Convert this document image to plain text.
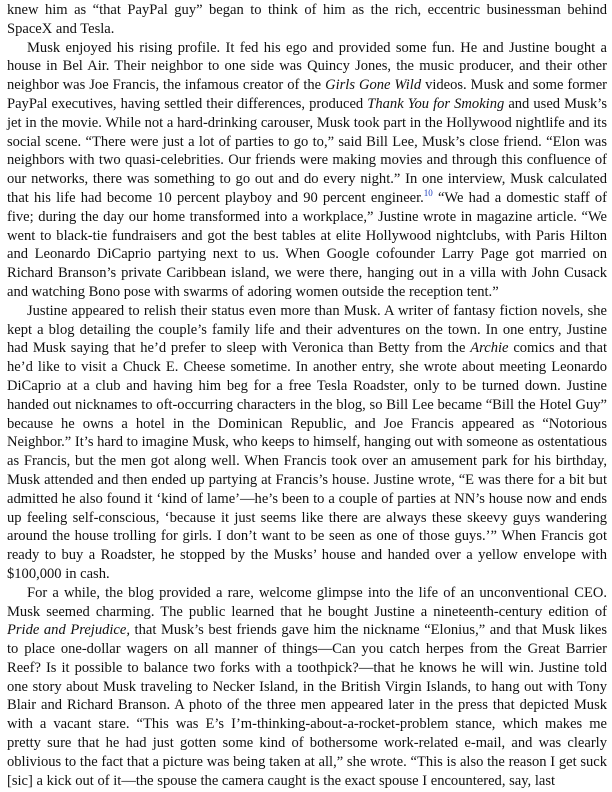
knew him as “that PayPal guy” began to think of him as the rich, eccentric businessman behind SpaceX and Tesla.

Musk enjoyed his rising profile. It fed his ego and provided some fun. He and Justine bought a house in Bel Air. Their neighbor to one side was Quincy Jones, the music producer, and their other neighbor was Joe Francis, the infamous creator of the Girls Gone Wild videos. Musk and some former PayPal executives, having settled their differences, produced Thank You for Smoking and used Musk’s jet in the movie. While not a hard-drinking carouser, Musk took part in the Hollywood nightlife and its social scene. “There were just a lot of parties to go to,” said Bill Lee, Musk’s close friend. “Elon was neighbors with two quasi-celebrities. Our friends were making movies and through this confluence of our networks, there was something to go out and do every night.” In one interview, Musk calculated that his life had become 10 percent playboy and 90 percent engineer.$^{10}$ “We had a domestic staff of five; during the day our home transformed into a workplace,” Justine wrote in magazine article. “We went to black-tie fundraisers and got the best tables at elite Hollywood nightclubs, with Paris Hilton and Leonardo DiCaprio partying next to us. When Google cofounder Larry Page got married on Richard Branson’s private Caribbean island, we were there, hanging out in a villa with John Cusack and watching Bono pose with swarms of adoring women outside the reception tent.”

Justine appeared to relish their status even more than Musk. A writer of fantasy fiction novels, she kept a blog detailing the couple’s family life and their adventures on the town. In one entry, Justine had Musk saying that he’d prefer to sleep with Veronica than Betty from the Archie comics and that he’d like to visit a Chuck E. Cheese sometime. In another entry, she wrote about meeting Leonardo DiCaprio at a club and having him beg for a free Tesla Roadster, only to be turned down. Justine handed out nicknames to oft-occurring characters in the blog, so Bill Lee became “Bill the Hotel Guy” because he owns a hotel in the Dominican Republic, and Joe Francis appeared as “Notorious Neighbor.” It’s hard to imagine Musk, who keeps to himself, hanging out with someone as ostentatious as Francis, but the men got along well. When Francis took over an amusement park for his birthday, Musk attended and then ended up partying at Francis’s house. Justine wrote, “E was there for a bit but admitted he also found it ‘kind of lame’—he’s been to a couple of parties at NN’s house now and ends up feeling self-conscious, ‘because it just seems like there are always these skeevy guys wandering around the house trolling for girls. I don’t want to be seen as one of those guys.’” When Francis got ready to buy a Roadster, he stopped by the Musks’ house and handed over a yellow envelope with $100,000 in cash.

For a while, the blog provided a rare, welcome glimpse into the life of an unconventional CEO. Musk seemed charming. The public learned that he bought Justine a nineteenth-century edition of Pride and Prejudice, that Musk’s best friends gave him the nickname “Elonius,” and that Musk likes to place one-dollar wagers on all manner of things—Can you catch herpes from the Great Barrier Reef? Is it possible to balance two forks with a toothpick?—that he knows he will win. Justine told one story about Musk traveling to Necker Island, in the British Virgin Islands, to hang out with Tony Blair and Richard Branson. A photo of the three men appeared later in the press that depicted Musk with a vacant stare. “This was E’s I’m-thinking-about-a-rocket-problem stance, which makes me pretty sure that he had just gotten some kind of bothersome work-related e-mail, and was clearly oblivious to the fact that a picture was being taken at all,” she wrote. “This is also the reason I get suck [sic] a kick out of it—the spouse the camera caught is the exact spouse I encountered, say, last
